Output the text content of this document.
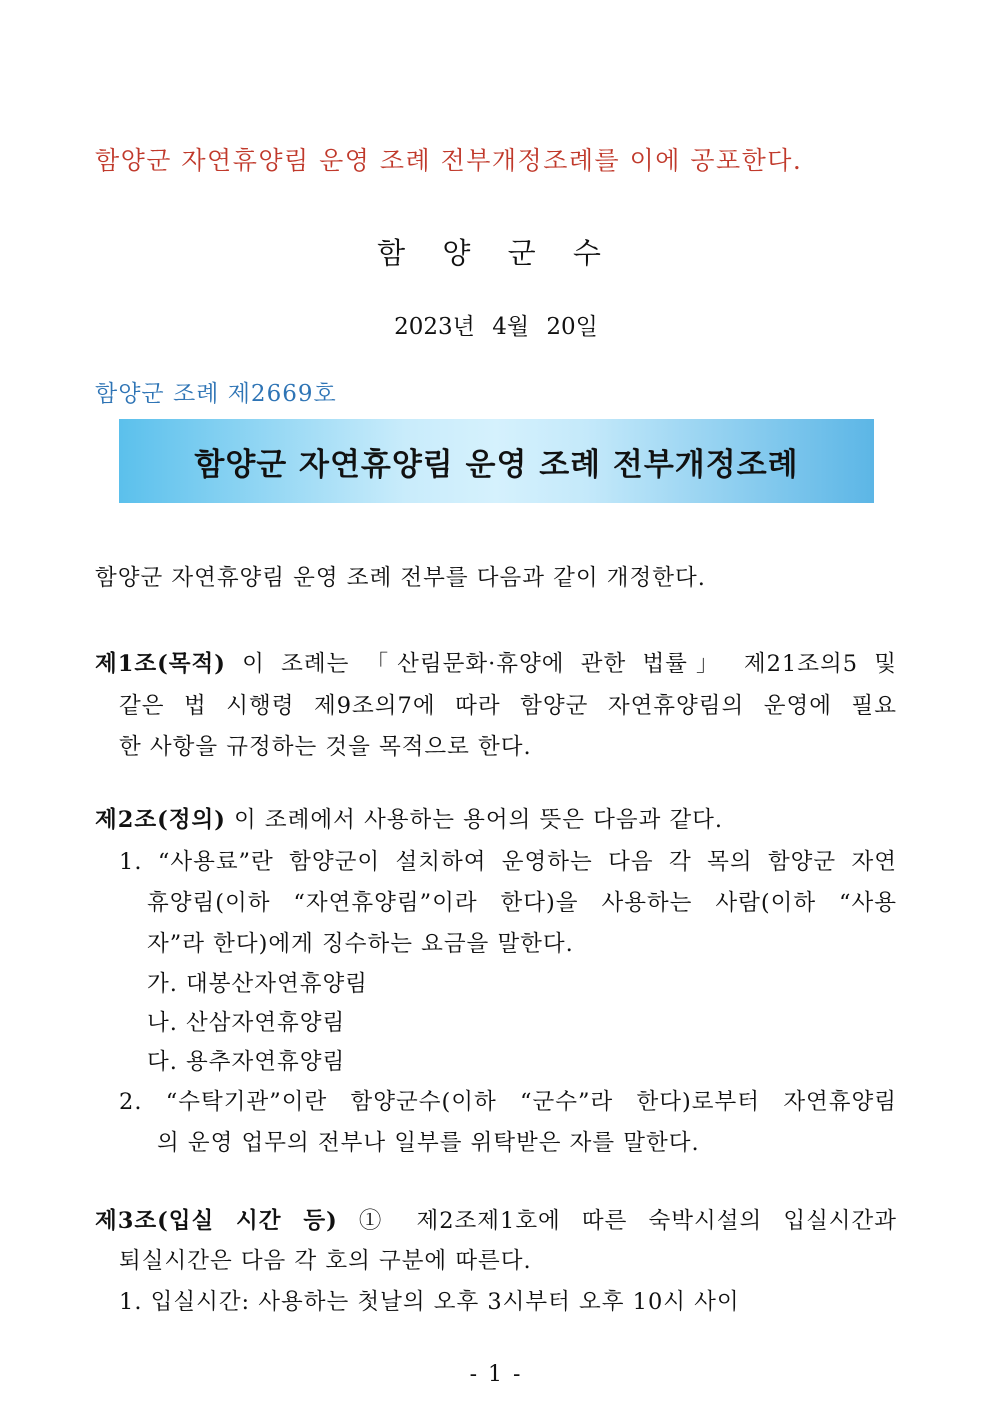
함양군 자연휴양림 운영 조례 전부개정조례를 이에 공포한다.
함 양 군 수
2023년 4월 20일
함양군 조례 제2669호
함양군 자연휴양림 운영 조례 전부개정조례
함양군 자연휴양림 운영 조례 전부를 다음과 같이 개정한다.
제1조(목적) 이 조례는 「산림문화·휴양에 관한 법률」 제21조의5 및
같은 법 시행령 제9조의7에 따라 함양군 자연휴양림의 운영에 필요
한 사항을 규정하는 것을 목적으로 한다.
제2조(정의) 이 조례에서 사용하는 용어의 뜻은 다음과 같다.
1. “사용료”란 함양군이 설치하여 운영하는 다음 각 목의 함양군 자연
휴양림(이하 “자연휴양림”이라 한다)을 사용하는 사람(이하 “사용
자”라 한다)에게 징수하는 요금을 말한다.
가. 대봉산자연휴양림
나. 산삼자연휴양림
다. 용추자연휴양림
2. “수탁기관”이란 함양군수(이하 “군수”라 한다)로부터 자연휴양림
의 운영 업무의 전부나 일부를 위탁받은 자를 말한다.
제3조(입실 시간 등) ① 제2조제1호에 따른 숙박시설의 입실시간과
퇴실시간은 다음 각 호의 구분에 따른다.
1. 입실시간: 사용하는 첫날의 오후 3시부터 오후 10시 사이
- 1 -
